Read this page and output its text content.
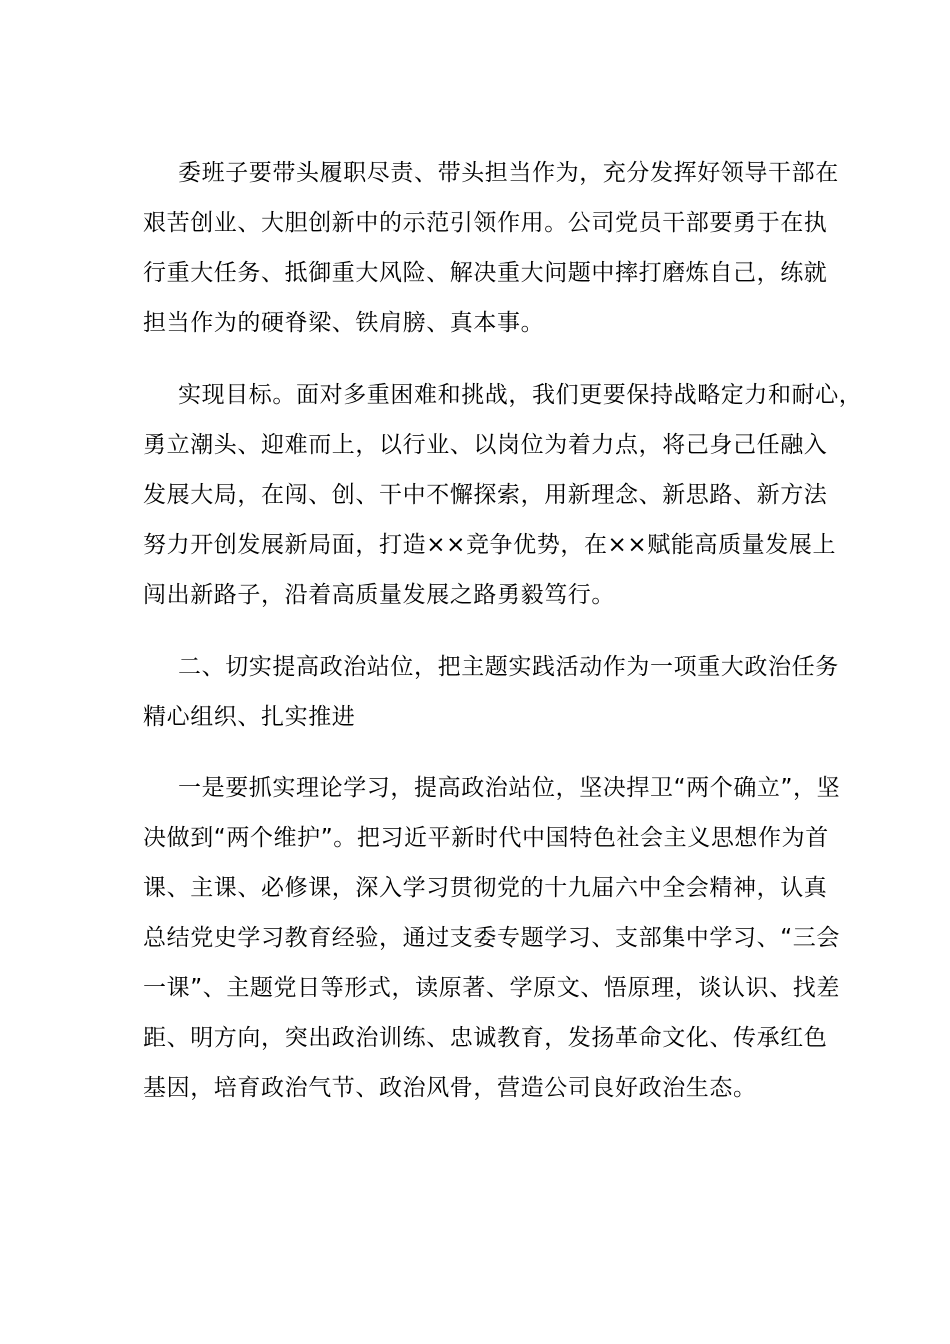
委班子要带头履职尽责、带头担当作为，充分发挥好领导干部在
艰苦创业、大胆创新中的示范引领作用。公司党员干部要勇于在执
行重大任务、抵御重大风险、解决重大问题中摔打磨炼自己，练就
担当作为的硬脊梁、铁肩膀、真本事。
实现目标。面对多重困难和挑战，我们更要保持战略定力和耐心，
勇立潮头、迎难而上，以行业、以岗位为着力点，将己身己任融入
发展大局，在闯、创、干中不懈探索，用新理念、新思路、新方法
努力开创发展新局面，打造××竞争优势，在××赋能高质量发展上
闯出新路子，沿着高质量发展之路勇毅笃行。
二、切实提高政治站位，把主题实践活动作为一项重大政治任务
精心组织、扎实推进
一是要抓实理论学习，提高政治站位，坚决捍卫“两个确立”，坚
决做到“两个维护”。把习近平新时代中国特色社会主义思想作为首
课、主课、必修课，深入学习贯彻党的十九届六中全会精神，认真
总结党史学习教育经验，通过支委专题学习、支部集中学习、“三会
一课”、主题党日等形式，读原著、学原文、悟原理，谈认识、找差
距、明方向，突出政治训练、忠诚教育，发扬革命文化、传承红色
基因，培育政治气节、政治风骨，营造公司良好政治生态。
